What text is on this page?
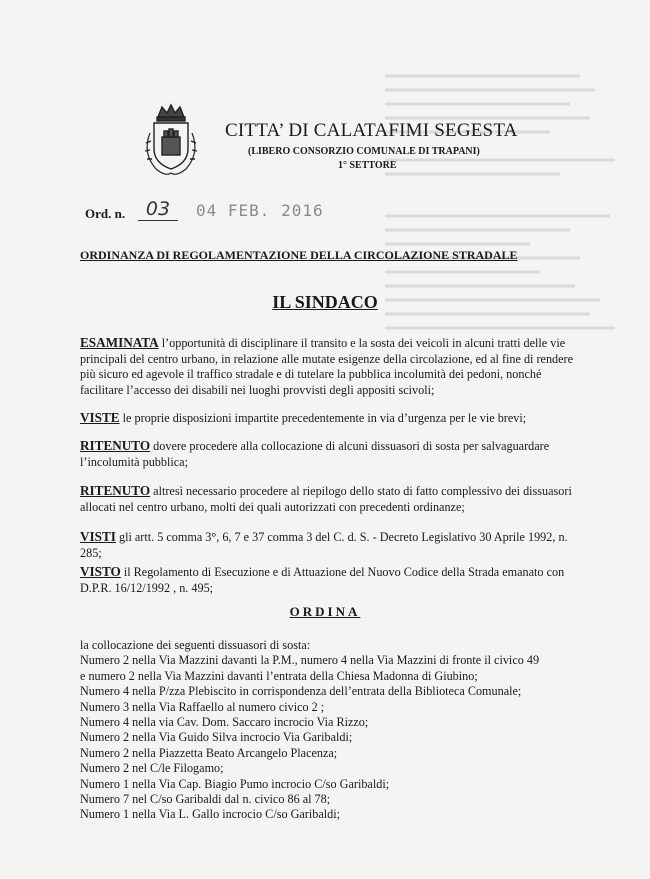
CITTA’ DI CALATAFIMI SEGESTA
(LIBERO CONSORZIO COMUNALE DI TRAPANI)
1° SETTORE
Ord. n.	03	04 FEB. 2016
ORDINANZA DI REGOLAMENTAZIONE DELLA CIRCOLAZIONE STRADALE
IL SINDACO
ESAMINATA l’opportunità di disciplinare il transito e la sosta dei veicoli in alcuni tratti delle vie principali del centro urbano, in relazione alle mutate esigenze della circolazione, ed al fine di rendere più sicuro ed agevole il traffico stradale e di tutelare la pubblica incolumità dei pedoni, nonché facilitare l’accesso dei disabili nei luoghi provvisti degli appositi scivoli;
VISTE le proprie disposizioni impartite precedentemente in via d’urgenza per le vie brevi;
RITENUTO dovere procedere alla collocazione di alcuni dissuasori di sosta per salvaguardare l’incolumità pubblica;
RITENUTO altresì necessario procedere al riepilogo dello stato di fatto complessivo dei dissuasori allocati nel centro urbano, molti dei quali autorizzati con precedenti ordinanze;
VISTI gli artt. 5 comma 3°, 6, 7 e 37 comma 3 del C. d. S. - Decreto Legislativo 30 Aprile 1992, n. 285;
VISTO il Regolamento di Esecuzione e di Attuazione del Nuovo Codice della Strada emanato con D.P.R. 16/12/1992 , n. 495;
ORDINA
la collocazione dei seguenti dissuasori di sosta:
Numero 2 nella Via Mazzini davanti la P.M., numero 4 nella Via Mazzini di fronte il civico 49
e numero 2 nella Via Mazzini davanti l’entrata della Chiesa Madonna di Giubino;
Numero 4 nella P/zza Plebiscito in corrispondenza dell’entrata della Biblioteca Comunale;
Numero 3 nella Via Raffaello al numero civico 2 ;
Numero 4 nella via Cav. Dom. Saccaro incrocio Via Rizzo;
Numero 2 nella Via Guido Silva incrocio Via Garibaldi;
Numero 2 nella Piazzetta Beato Arcangelo Placenza;
Numero 2 nel C/le Filogamo;
Numero 1 nella Via Cap. Biagio Pumo incrocio C/so Garibaldi;
Numero 7 nel C/so Garibaldi dal n. civico 86 al 78;
Numero 1 nella Via L. Gallo incrocio C/so Garibaldi;
